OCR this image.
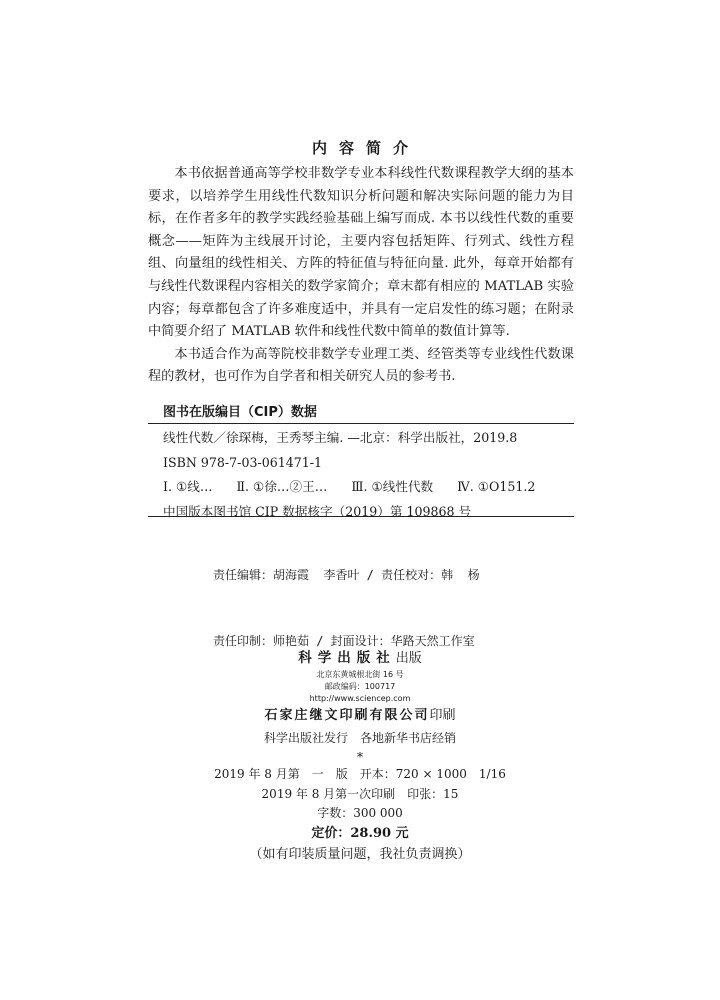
内容简介

本书依据普通高等学校非数学专业本科线性代数课程教学大纲的基本要求，以培养学生用线性代数知识分析问题和解决实际问题的能力为目标，在作者多年的教学实践经验基础上编写而成. 本书以线性代数的重要概念——矩阵为主线展开讨论，主要内容包括矩阵、行列式、线性方程组、向量组的线性相关、方阵的特征值与特征向量. 此外，每章开始都有与线性代数课程内容相关的数学家简介；章末都有相应的 MATLAB 实验内容；每章都包含了许多难度适中，并具有一定启发性的练习题；在附录中简要介绍了 MATLAB 软件和线性代数中简单的数值计算等.

本书适合作为高等院校非数学专业理工类、经管类等专业线性代数课程的教材，也可作为自学者和相关研究人员的参考书.

图书在版编目（CIP）数据
线性代数／徐琛梅，王秀琴主编. —北京：科学出版社，2019.8
ISBN 978-7-03-061471-1
Ⅰ. ①线… Ⅱ. ①徐…②王… Ⅲ. ①线性代数 Ⅳ. ①O151.2
中国版本图书馆 CIP 数据核字（2019）第 109868 号

责任编辑：胡海霞  李香叶 / 责任校对：韩  杨

责任印制：师艳茹 / 封面设计：华路天然工作室

科学出版社出版
北京东黄城根北街 16 号
邮政编码：100717
http://www.sciencep.com
石家庄继文印刷有限公司印刷
科学出版社发行　各地新华书店经销
*
2019 年 8 月第　一　版　开本：720 × 1000　1/16
2019 年 8 月第一次印刷　印张：15
字数：300 000
定价：28.90 元
（如有印装质量问题，我社负责调换）
